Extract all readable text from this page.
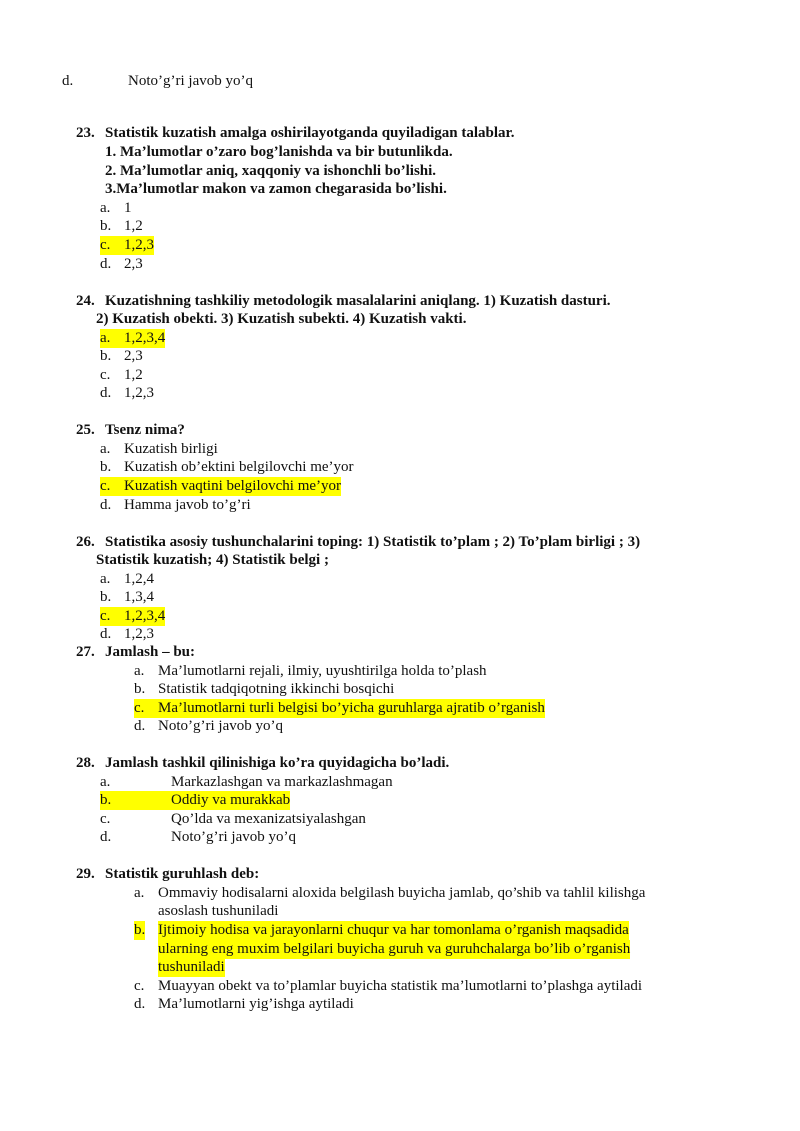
d.	Noto’g’ri javob yo’q
23. Statistik kuzatish amalga oshirilayotganda quyiladigan talablar.
1. Ma’lumotlar o’zaro bog’lanishda va bir butunlikda.
2. Ma’lumotlar aniq, xaqqoniy va ishonchli bo’lishi.
3.Ma’lumotlar makon va zamon chegarasida bo’lishi.
a. 1
b. 1,2
c. 1,2,3
d. 2,3
24. Kuzatishning tashkiliy metodologik masalalarini aniqlang. 1) Kuzatish dasturi.
2) Kuzatish obekti. 3) Kuzatish subekti. 4) Kuzatish vakti.
a. 1,2,3,4
b. 2,3
c. 1,2
d. 1,2,3
25. Tsenz nima?
a. Kuzatish birligi
b. Kuzatish ob’ektini belgilovchi me’yor
c. Kuzatish vaqtini belgilovchi me’yor
d. Hamma javob to’g’ri
26. Statistika asosiy tushunchalarini toping: 1) Statistik to’plam ; 2) To’plam birligi ; 3)
Statistik kuzatish; 4) Statistik belgi ;
a. 1,2,4
b. 1,3,4
c. 1,2,3,4
d. 1,2,3
27. Jamlash – bu:
a. Ma’lumotlarni rejali, ilmiy, uyushtirilga holda to’plash
b. Statistik tadqiqotning ikkinchi bosqichi
c. Ma’lumotlarni turli belgisi bo’yicha guruhlarga ajratib o’rganish
d. Noto’g’ri javob yo’q
28. Jamlash tashkil qilinishiga ko’ra quyidagicha bo’ladi.
a.	Markazlashgan va markazlashmagan
b.	Oddiy va murakkab
c.	Qo’lda va mexanizatsiyalashgan
d.	Noto’g’ri javob yo’q
29. Statistik guruhlash deb:
a. Ommaviy hodisalarni aloxida belgilash buyicha jamlab, qo’shib va tahlil kilishga
asoslash tushuniladi
b. Ijtimoiy hodisa va jarayonlarni chuqur va har tomonlama o’rganish maqsadida
ularning eng muxim belgilari buyicha guruh va guruhchalarga bo’lib o’rganish
tushuniladi
c. Muayyan obekt va to’plamlar buyicha statistik ma’lumotlarni to’plashga aytiladi
d. Ma’lumotlarni yig’ishga aytiladi
